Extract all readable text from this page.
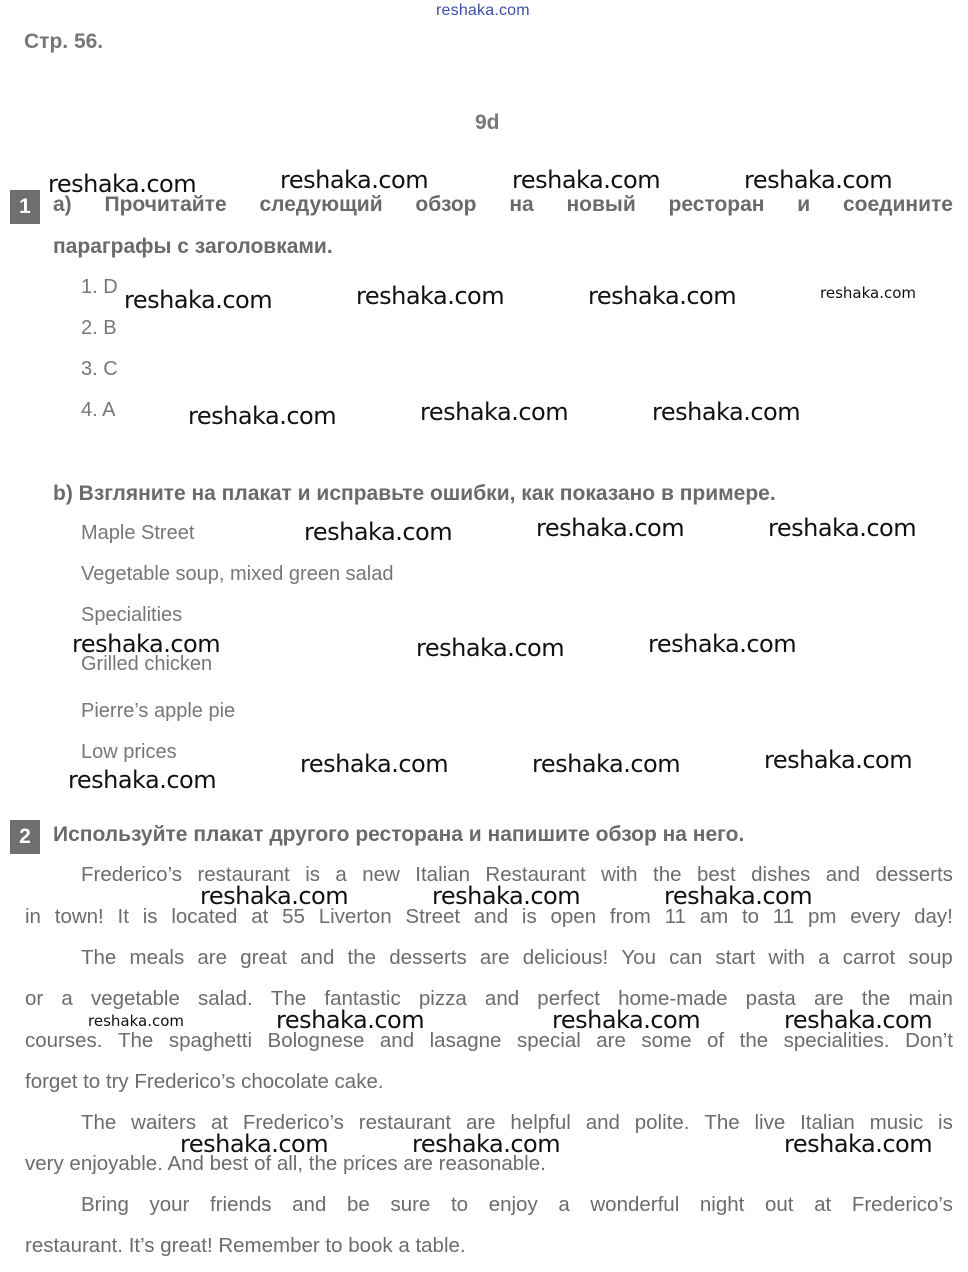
reshaka.com
Стр. 56.
9d
1	а) Прочитайте следующий обзор на новый ресторан и соедините
параграфы с заголовками.
1. D
2. B
3. C
4. A
b) Взгляните на плакат и исправьте ошибки, как показано в примере.
Maple Street
Vegetable soup, mixed green salad
Specialities
Grilled chicken
Pierre’s apple pie
Low prices
2	Используйте плакат другого ресторана и напишите обзор на него.
Frederico’s restaurant is a new Italian Restaurant with the best dishes and desserts
in town! It is located at 55 Liverton Street and is open from 11 am to 11 pm every day!
The meals are great and the desserts are delicious! You can start with a carrot soup
or a vegetable salad. The fantastic pizza and perfect home-made pasta are the main
courses. The spaghetti Bolognese and lasagne special are some of the specialities. Don’t
forget to try Frederico’s chocolate cake.
The waiters at Frederico’s restaurant are helpful and polite. The live Italian music is
very enjoyable. And best of all, the prices are reasonable.
Bring your friends and be sure to enjoy a wonderful night out at Frederico’s
restaurant. It’s great! Remember to book a table.
reshaka.com	reshaka.com	reshaka.com	reshaka.com
reshaka.com	reshaka.com	reshaka.com	reshaka.com
reshaka.com	reshaka.com	reshaka.com
reshaka.com	reshaka.com	reshaka.com
reshaka.com	reshaka.com	reshaka.com
reshaka.com
reshaka.com	reshaka.com	reshaka.com
reshaka.com	reshaka.com	reshaka.com
reshaka.com	reshaka.com	reshaka.com	reshaka.com
reshaka.com	reshaka.com	reshaka.com
